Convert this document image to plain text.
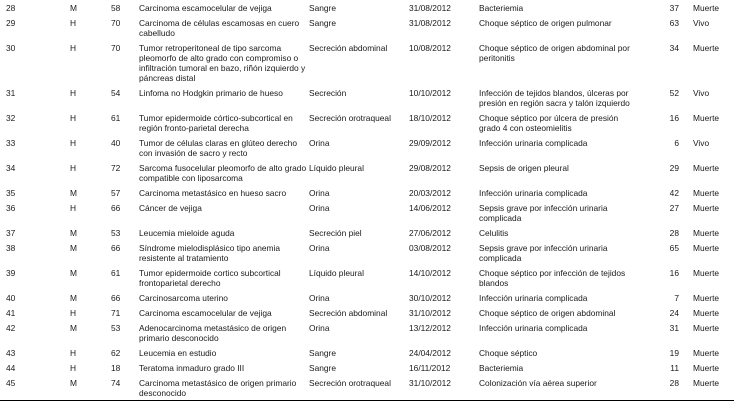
28	M	58	Carcinoma escamocelular de vejiga	Sangre	31/08/2012	Bacteriemia	37	Muerte
29	H	70	Carcinoma de células escamosas en cuero cabelludo	Sangre	31/08/2012	Choque séptico de origen pulmonar	63	Vivo
30	H	70	Tumor retroperitoneal de tipo sarcoma pleomorfo de alto grado con compromiso o infiltración tumoral en bazo, riñón izquierdo y páncreas distal	Secreción abdominal	10/08/2012	Choque séptico de origen abdominal por peritonitis	34	Muerte
31	H	54	Linfoma no Hodgkin primario de hueso	Secreción	10/10/2012	Infección de tejidos blandos, úlceras por presión en región sacra y talón izquierdo	52	Vivo
32	H	61	Tumor epidermoide córtico-subcortical en región fronto-parietal derecha	Secreción orotraqueal	18/10/2012	Choque séptico por úlcera de presión grado 4 con osteomielitis	16	Muerte
33	H	40	Tumor de células claras en glúteo derecho con invasión de sacro y recto	Orina	29/09/2012	Infección urinaria complicada	6	Vivo
34	H	72	Sarcoma fusocelular pleomorfo de alto grado compatible con liposarcoma	Líquido pleural	29/08/2012	Sepsis de origen pleural	29	Muerte
35	M	57	Carcinoma metastásico en hueso sacro	Orina	20/03/2012	Infección urinaria complicada	42	Muerte
36	H	66	Cáncer de vejiga	Orina	14/06/2012	Sepsis grave por infección urinaria complicada	27	Muerte
37	M	53	Leucemia mieloide aguda	Secreción piel	27/06/2012	Celulitis	28	Muerte
38	M	66	Síndrome mielodisplásico tipo anemia resistente al tratamiento	Orina	03/08/2012	Sepsis grave por infección urinaria complicada	65	Muerte
39	M	61	Tumor epidermoide cortico subcortical frontoparietal derecho	Líquido pleural	14/10/2012	Choque séptico por infección de tejidos blandos	16	Muerte
40	M	66	Carcinosarcoma uterino	Orina	30/10/2012	Infección urinaria complicada	7	Muerte
41	H	71	Carcinoma escamocelular de vejiga	Secreción abdominal	31/10/2012	Choque séptico de origen abdominal	24	Muerte
42	M	53	Adenocarcinoma metastásico de origen primario desconocido	Orina	13/12/2012	Infección urinaria complicada	31	Muerte
43	H	62	Leucemia en estudio	Sangre	24/04/2012	Choque séptico	19	Muerte
44	H	18	Teratoma inmaduro grado III	Sangre	16/11/2012	Bacteriemia	11	Muerte
45	M	74	Carcinoma metastásico de origen primario desconocido	Secreción orotraqueal	31/10/2012	Colonización vía aérea superior	28	Muerte
